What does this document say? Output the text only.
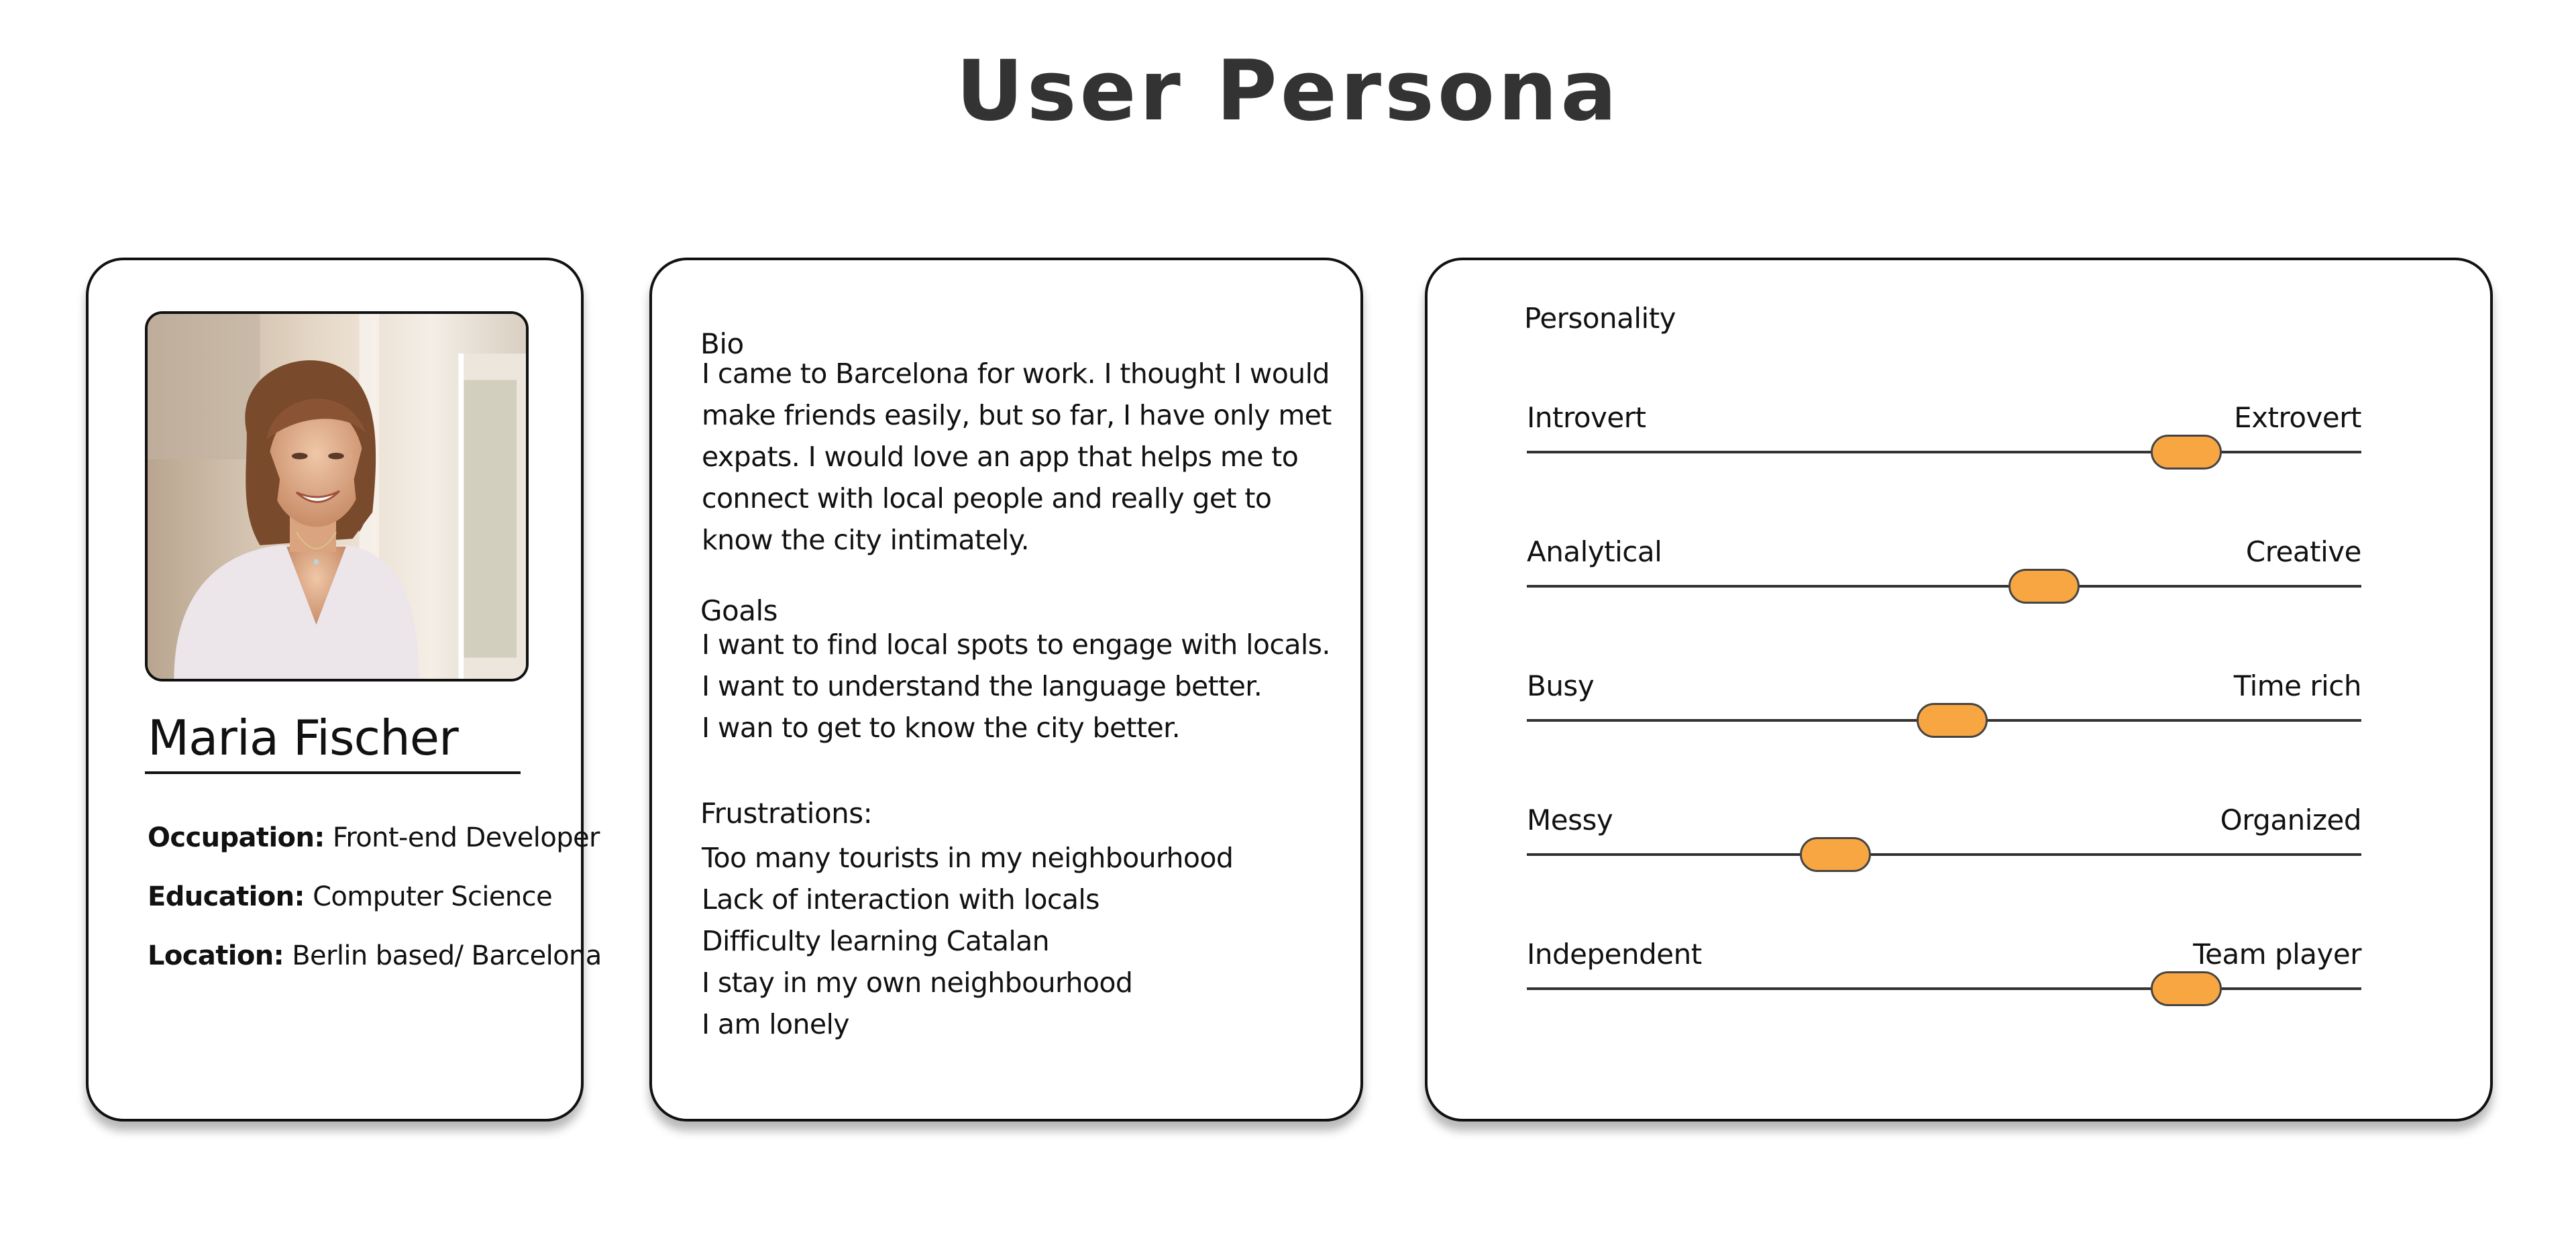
User Persona
Maria Fischer
Occupation: Front-end Developer
Education: Computer Science
Location: Berlin based/ Barcelona
Bio
I came to Barcelona for work. I thought I would
make friends easily, but so far, I have only met
expats. I would love an app that helps me to
connect with local people and really get to
know the city intimately.
Goals
I want to find local spots to engage with locals.
I want to understand the language better.
I wan to get to know the city better.
Frustrations:
Too many tourists in my neighbourhood
Lack of interaction with locals
Difficulty learning Catalan
I stay in my own neighbourhood
I am lonely
Personality
Introvert	Extrovert
Analytical	Creative
Busy	Time rich
Messy	Organized
Independent	Team player
